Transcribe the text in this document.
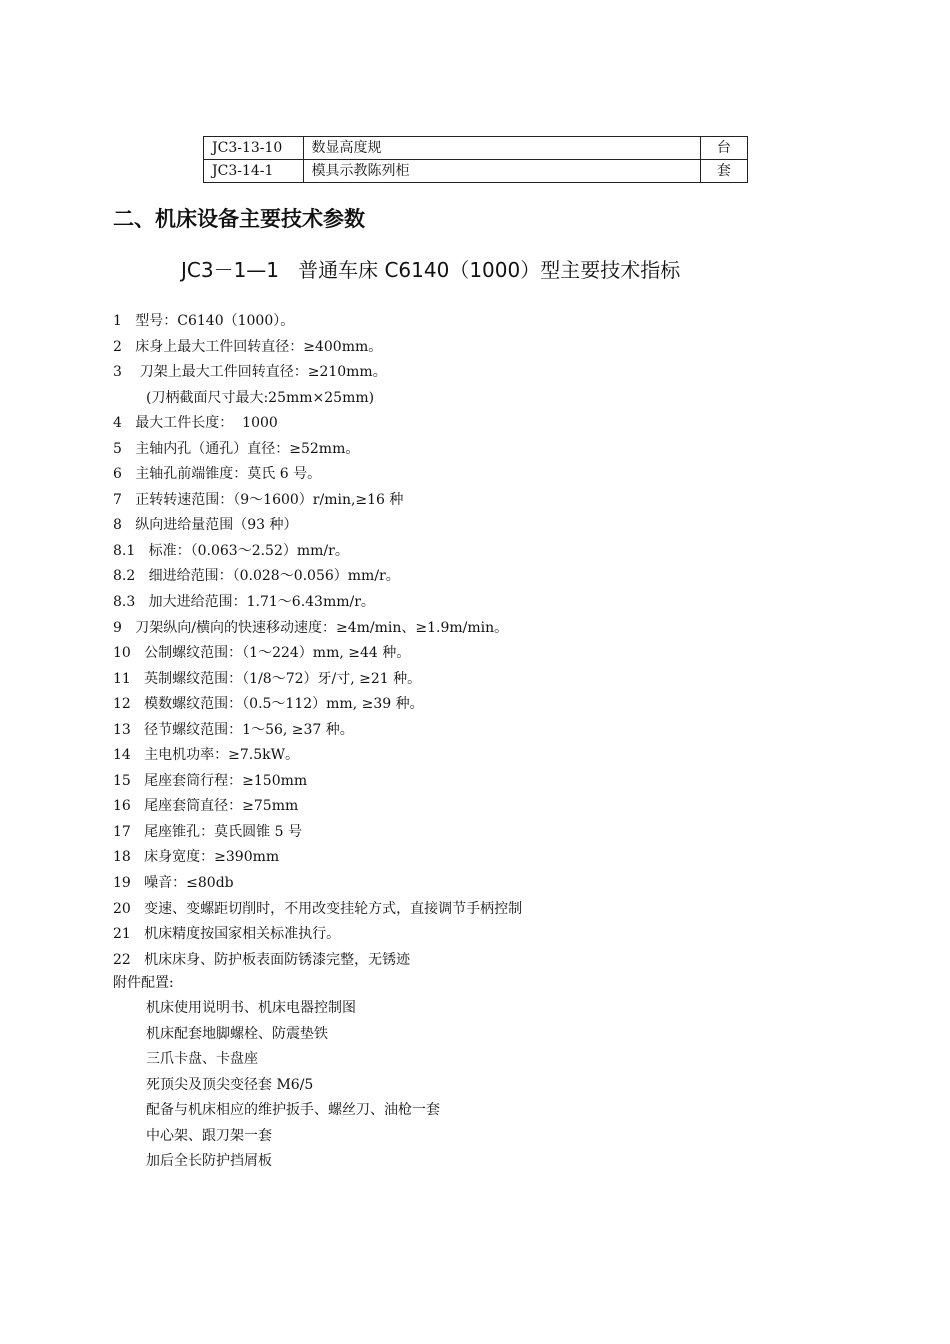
JC3-13-10	数显高度规	台
JC3-14-1	模具示教陈列柜	套
二、机床设备主要技术参数
JC3－1—1   普通车床 C6140（1000）型主要技术指标
1   型号：C6140（1000）。
2   床身上最大工件回转直径：≥400mm。
3    刀架上最大工件回转直径：≥210mm。
(刀柄截面尺寸最大:25mm×25mm)
4   最大工件长度：  1000
5   主轴内孔（通孔）直径：≥52mm。
6   主轴孔前端锥度：莫氏 6 号。
7   正转转速范围：（9～1600）r/min,≥16 种
8   纵向进给量范围（93 种）
8.1   标准：（0.063～2.52）mm/r。
8.2   细进给范围：（0.028～0.056）mm/r。
8.3   加大进给范围：1.71～6.43mm/r。
9   刀架纵向/横向的快速移动速度：≥4m/min、≥1.9m/min。
10   公制螺纹范围：（1～224）mm, ≥44 种。
11   英制螺纹范围：（1/8～72）牙/寸, ≥21 种。
12   模数螺纹范围：（0.5～112）mm, ≥39 种。
13   径节螺纹范围：1～56, ≥37 种。
14   主电机功率：≥7.5kW。
15   尾座套筒行程：≥150mm
16   尾座套筒直径：≥75mm
17   尾座锥孔：莫氏圆锥 5 号
18   床身宽度：≥390mm
19   噪音：≤80db
20   变速、变螺距切削时，不用改变挂轮方式，直接调节手柄控制
21   机床精度按国家相关标准执行。
22   机床床身、防护板表面防锈漆完整，无锈迹

附件配置:

机床使用说明书、机床电器控制图
机床配套地脚螺栓、防震垫铁
三爪卡盘、卡盘座
死顶尖及顶尖变径套 M6/5
配备与机床相应的维护扳手、螺丝刀、油枪一套
中心架、跟刀架一套
加后全长防护挡屑板
